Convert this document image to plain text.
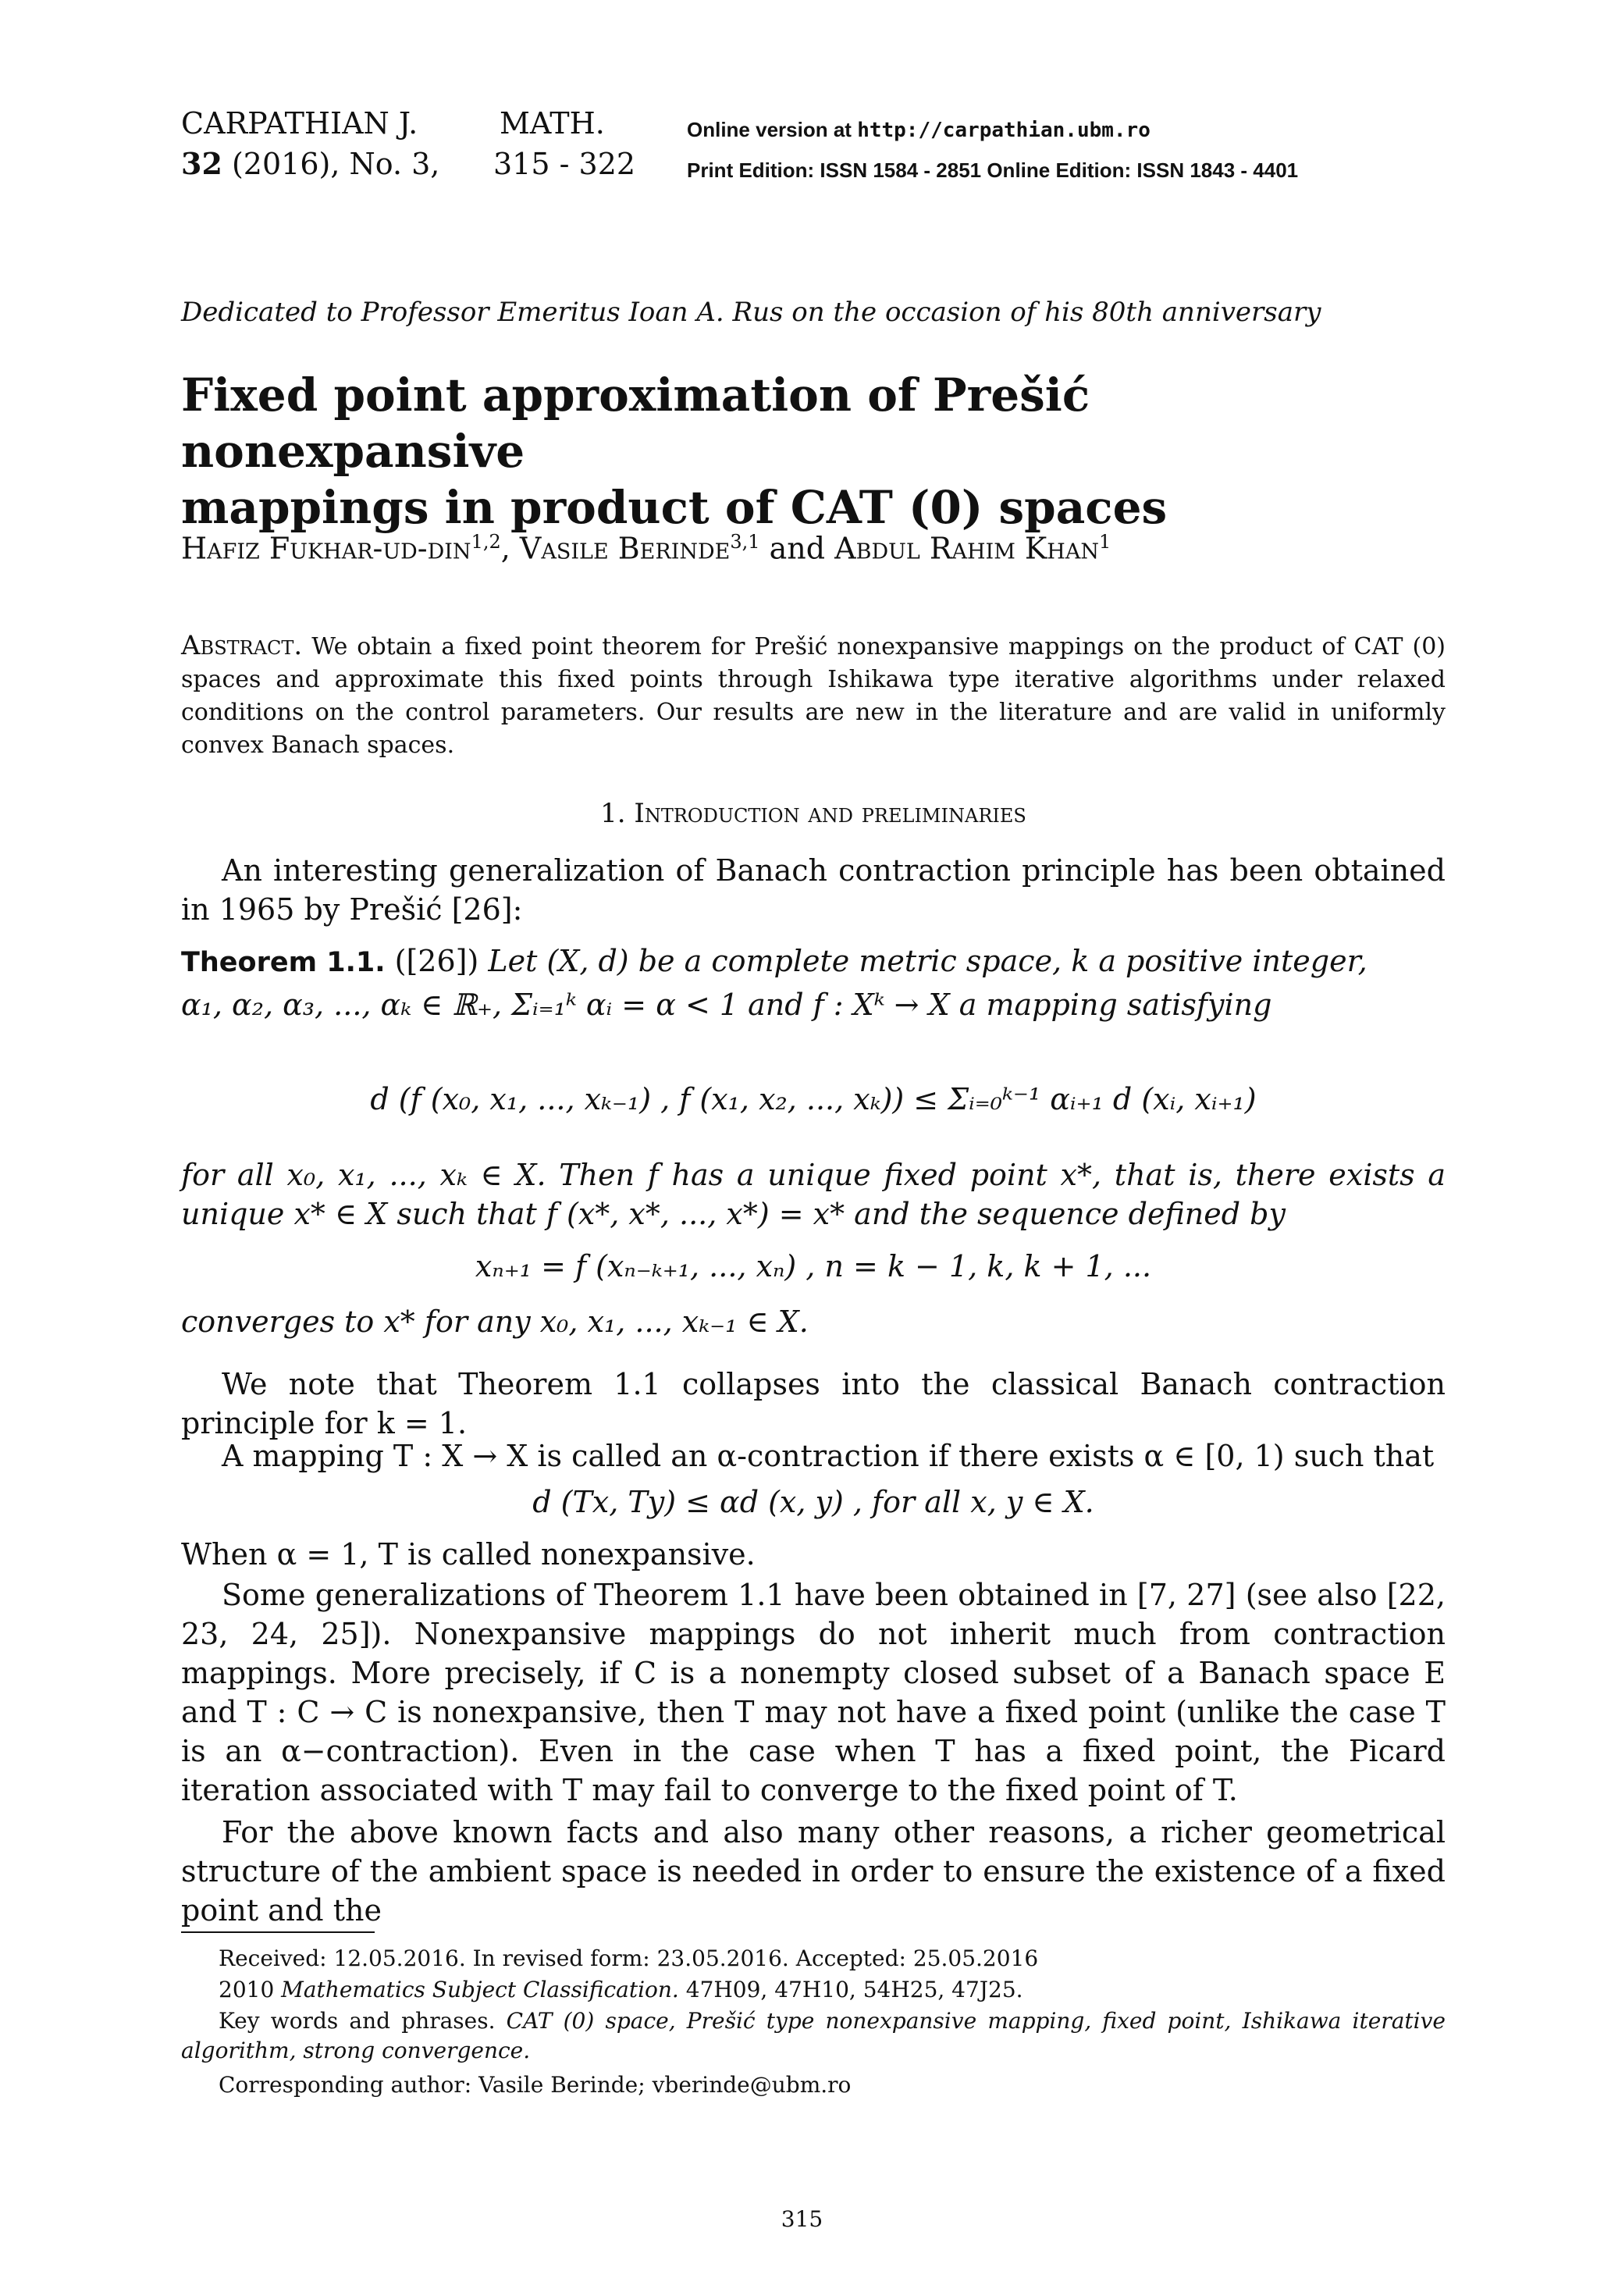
CARPATHIAN J.	MATH.
32 (2016), No. 3, 315 - 322
Online version at http://carpathian.ubm.ro
Print Edition: ISSN 1584 - 2851 Online Edition: ISSN 1843 - 4401
Dedicated to Professor Emeritus Ioan A. Rus on the occasion of his 80th anniversary
Fixed point approximation of Prešić nonexpansive
mappings in product of CAT (0) spaces
Hafiz Fukhar-ud-din$^{1,2}$, Vasile Berinde$^{3,1}$ and Abdul Rahim Khan$^1$
Abstract. We obtain a fixed point theorem for Prešić nonexpansive mappings on the product of CAT (0) spaces and approximate this fixed points through Ishikawa type iterative algorithms under relaxed conditions on the control parameters. Our results are new in the literature and are valid in uniformly convex Banach spaces.
1. Introduction and preliminaries
An interesting generalization of Banach contraction principle has been obtained in 1965 by Prešić [26]:
Theorem 1.1. ([26]) Let (X, d) be a complete metric space, k a positive integer,
α₁, α₂, α₃, ..., αₖ ∈ ℝ₊, Σᵢ₌₁ᵏ αᵢ = α < 1 and f : Xᵏ → X a mapping satisfying
d (f (x₀, x₁, ..., xₖ₋₁) , f (x₁, x₂, ..., xₖ)) ≤ Σᵢ₌₀ᵏ⁻¹ αᵢ₊₁ d (xᵢ, xᵢ₊₁)
for all x₀, x₁, ..., xₖ ∈ X. Then f has a unique fixed point x*, that is, there exists a unique x* ∈ X such that f (x*, x*, ..., x*) = x* and the sequence defined by
xₙ₊₁ = f (xₙ₋ₖ₊₁, ..., xₙ) , n = k − 1, k, k + 1, ...
converges to x* for any x₀, x₁, ..., xₖ₋₁ ∈ X.
We note that Theorem 1.1 collapses into the classical Banach contraction principle for k = 1.
A mapping T : X → X is called an α-contraction if there exists α ∈ [0, 1) such that
d (Tx, Ty) ≤ αd (x, y) , for all x, y ∈ X.
When α = 1, T is called nonexpansive.
Some generalizations of Theorem 1.1 have been obtained in [7, 27] (see also [22, 23, 24, 25]). Nonexpansive mappings do not inherit much from contraction mappings. More precisely, if C is a nonempty closed subset of a Banach space E and T : C → C is nonexpansive, then T may not have a fixed point (unlike the case T is an α−contraction). Even in the case when T has a fixed point, the Picard iteration associated with T may fail to converge to the fixed point of T.
For the above known facts and also many other reasons, a richer geometrical structure of the ambient space is needed in order to ensure the existence of a fixed point and the
Received: 12.05.2016. In revised form: 23.05.2016. Accepted: 25.05.2016
2010 Mathematics Subject Classification. 47H09, 47H10, 54H25, 47J25.
Key words and phrases. CAT (0) space, Prešić type nonexpansive mapping, fixed point, Ishikawa iterative algorithm, strong convergence.
Corresponding author: Vasile Berinde; vberinde@ubm.ro
315
